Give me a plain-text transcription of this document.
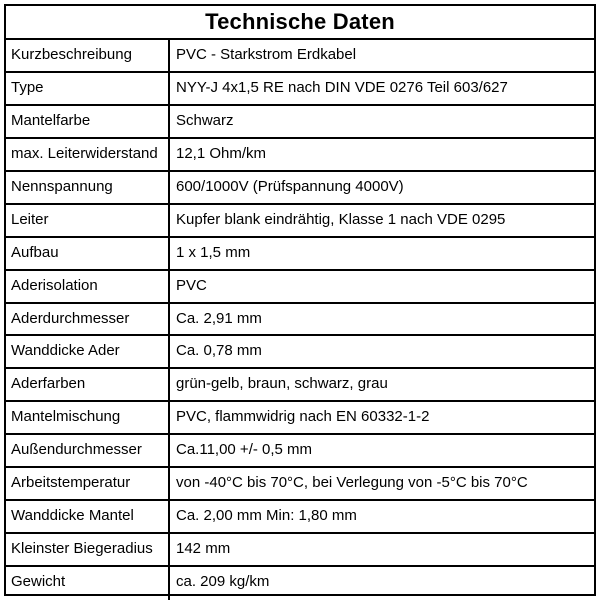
Technische Daten
Kurzbeschreibung	PVC - Starkstrom Erdkabel
Type	NYY-J 4x1,5 RE nach DIN VDE 0276 Teil 603/627
Mantelfarbe	Schwarz
max. Leiterwiderstand	12,1 Ohm/km
Nennspannung	600/1000V (Prüfspannung 4000V)
Leiter	Kupfer blank eindrähtig, Klasse 1 nach VDE 0295
Aufbau	1 x 1,5 mm
Aderisolation	PVC
Aderdurchmesser	Ca. 2,91 mm
Wanddicke Ader	Ca. 0,78 mm
Aderfarben	grün-gelb, braun, schwarz, grau
Mantelmischung	PVC, flammwidrig nach EN 60332-1-2
Außendurchmesser	Ca.11,00 +/- 0,5 mm
Arbeitstemperatur	von -40°C bis 70°C, bei Verlegung von -5°C bis 70°C
Wanddicke Mantel	Ca. 2,00 mm Min: 1,80 mm
Kleinster Biegeradius	142 mm
Gewicht	ca. 209 kg/km
